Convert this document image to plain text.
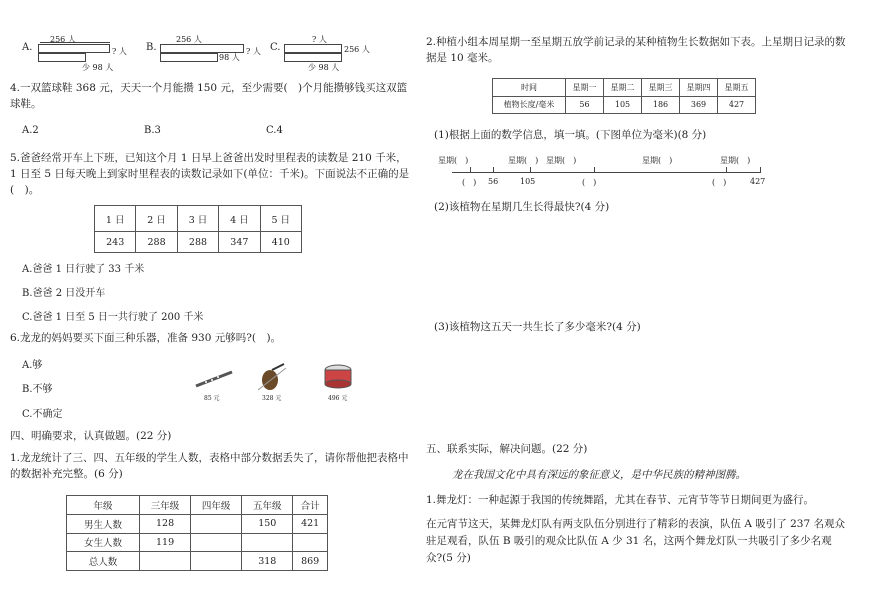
A.
256 人
? 人
少 98 人
B.
256 人
98 人
? 人 C.
? 人
256 人
少 98 人
4.一双篮球鞋 368 元，天天一个月能攒 150 元，至少需要(　)个月能攒够钱买这双篮球鞋。
A.2	B.3	C.4
5.爸爸经常开车上下班，已知这个月 1 日早上爸爸出发时里程表的读数是 210 千米，1 日至 5 日每天晚上到家时里程表的读数记录如下(单位：千米)。下面说法不正确的是(　)。
1 日	2 日	3 日	4 日	5 日
243	288	288	347	410
A.爸爸 1 日行驶了 33 千米
B.爸爸 2 日没开车
C.爸爸 1 日至 5 日一共行驶了 200 千米
6.龙龙的妈妈要买下面三种乐器，准备 930 元够吗?(　)。
A.够
B.不够
C.不确定
85 元	328 元	496 元
四、明确要求，认真做题。(22 分)
1.龙龙统计了三、四、五年级的学生人数，表格中部分数据丢失了，请你帮他把表格中的数据补充完整。(6 分)
年级	三年级	四年级	五年级	合计
男生人数	128		150	421
女生人数	119			
总人数			318	869
2.种植小组本周星期一至星期五放学前记录的某种植物生长数据如下表。上星期日记录的数据是 10 毫米。
时间	星期一	星期二	星期三	星期四	星期五
植物长度/毫米	56	105	186	369	427
(1)根据上面的数学信息，填一填。(下图单位为毫米)(8 分)
星期(　)	星期(　) 星期(　)	星期(　)	星期(　)
(　) 56	105	(　)	(　)	427
(2)该植物在星期几生长得最快?(4 分)
(3)该植物这五天一共生长了多少毫米?(4 分)
五、联系实际，解决问题。(22 分)
龙在我国文化中具有深远的象征意义，是中华民族的精神图腾。
1.舞龙灯：一种起源于我国的传统舞蹈，尤其在春节、元宵节等节日期间更为盛行。
在元宵节这天，某舞龙灯队有两支队伍分别进行了精彩的表演，队伍 A 吸引了 237 名观众驻足观看，队伍 B 吸引的观众比队伍 A 少 31 名，这两个舞龙灯队一共吸引了多少名观众?(5 分)
